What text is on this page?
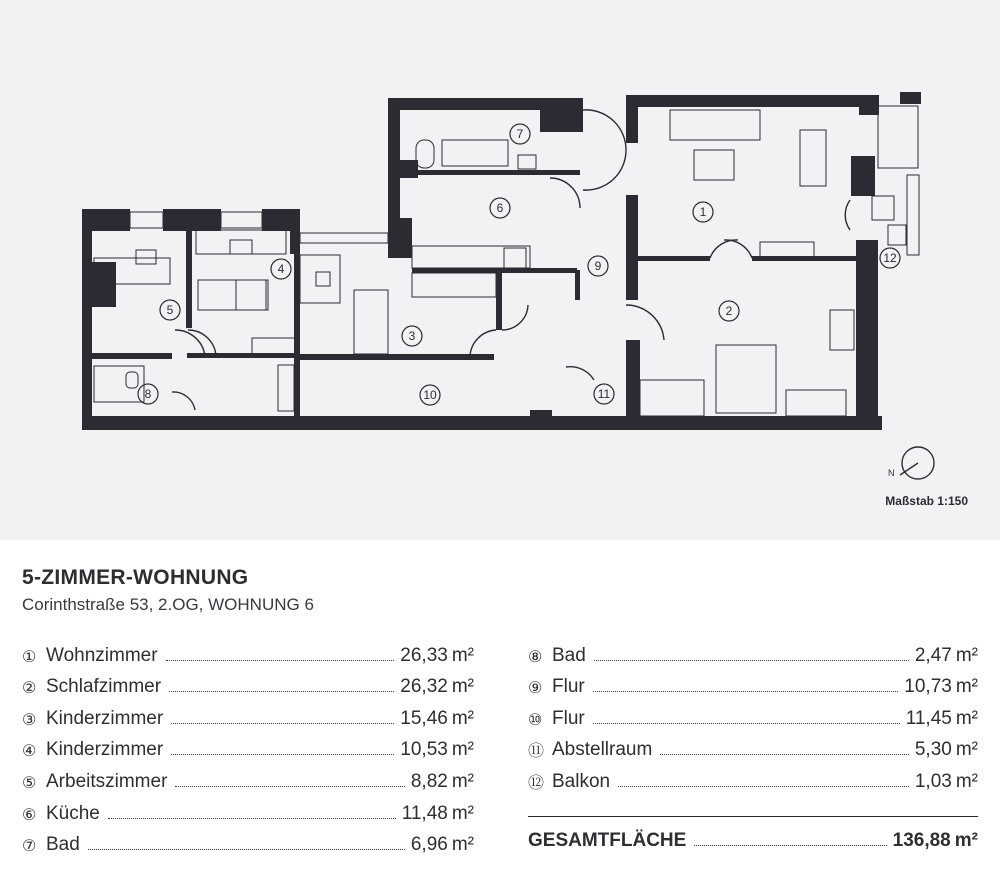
N
1
2
3
4
5
6
7
8
9
10	11
12
Maßstab 1:150
5-ZIMMER-WOHNUNG
Corinthstraße 53, 2.OG, WOHNUNG 6
① Wohnzimmer	26,33 m²
② Schlafzimmer	26,32 m²
③ Kinderzimmer	15,46 m²
④ Kinderzimmer	10,53 m²
⑤ Arbeitszimmer	8,82 m²
⑥ Küche	11,48 m²
⑦ Bad	6,96 m²
⑧ Bad	2,47 m²
⑨ Flur	10,73 m²
⑩ Flur	11,45 m²
⑪ Abstellraum	5,30 m²
⑫ Balkon	1,03 m²
GESAMTFLÄCHE	136,88 m²
